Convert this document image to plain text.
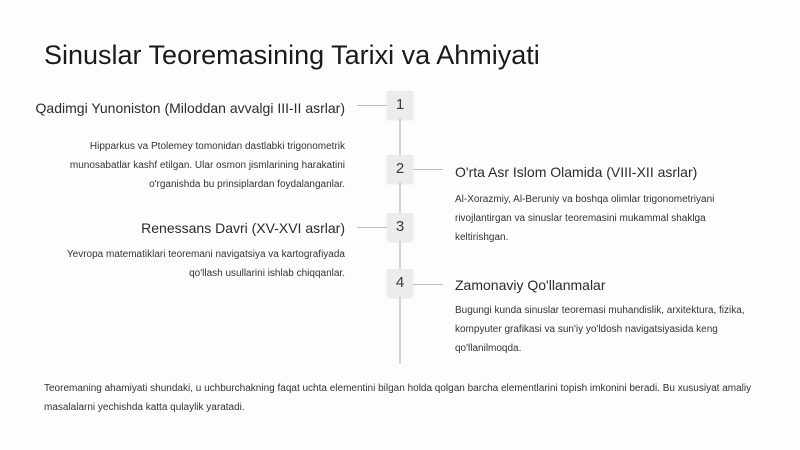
Sinuslar Teoremasining Tarixi va Ahmiyati
1
Qadimgi Yunoniston (Miloddan avvalgi III-II asrlar)
Hipparkus va Ptolemey tomonidan dastlabki trigonometrik munosabatlar kashf etilgan. Ular osmon jismlarining harakatini o'rganishda bu prinsiplardan foydalanganlar.
2	O'rta Asr Islom Olamida (VIII-XII asrlar)
Al-Xorazmiy, Al-Beruniy va boshqa olimlar trigonometriyani rivojlantirgan va sinuslar teoremasini mukammal shaklga keltirishgan.
3
Renessans Davri (XV-XVI asrlar)
Yevropa matematiklari teoremani navigatsiya va kartografiyada qo'llash usullarini ishlab chiqqanlar.
4	Zamonaviy Qo'llanmalar
Bugungi kunda sinuslar teoremasi muhandislik, arxitektura, fizika, kompyuter grafikasi va sun'iy yo'ldosh navigatsiyasida keng qo'llanilmoqda.
Teoremaning ahamiyati shundaki, u uchburchakning faqat uchta elementini bilgan holda qolgan barcha elementlarini topish imkonini beradi. Bu xususiyat amaliy masalalarni yechishda katta qulaylik yaratadi.
